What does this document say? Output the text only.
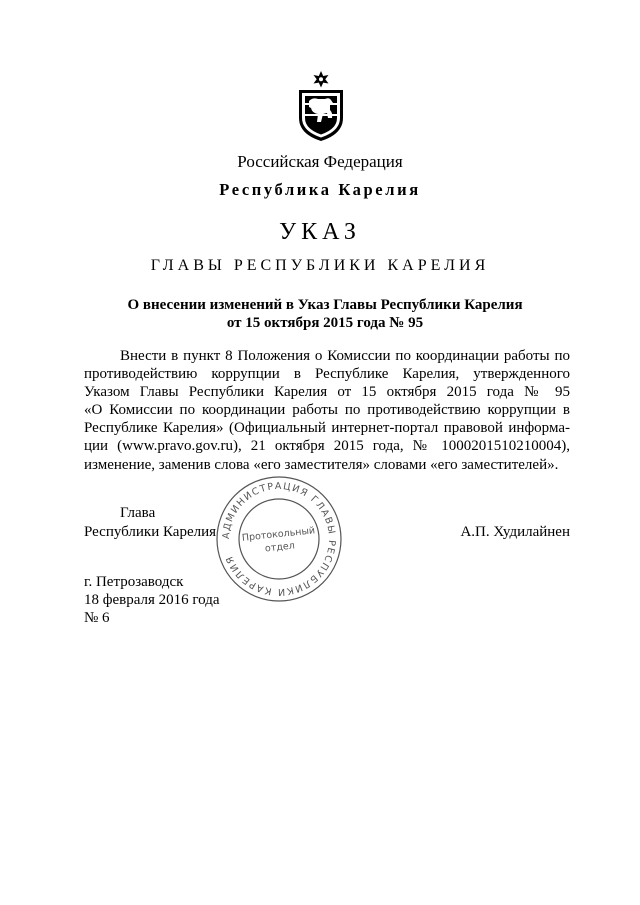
Российская Федерация
Республика Карелия
УКАЗ
ГЛАВЫ РЕСПУБЛИКИ КАРЕЛИЯ
О внесении изменений в Указ Главы Республики Карелия
от 15 октября 2015 года № 95
Внести в пункт 8 Положения о Комиссии по координации работы по
противодействию коррупции в Республике Карелия, утвержденного
Указом Главы Республики Карелия от 15 октября 2015 года № 95
«О Комиссии по координации работы по противодействию коррупции в
Республике Карелия» (Официальный интернет-портал правовой информа-
ции (www.pravo.gov.ru), 21 октября 2015 года, № 1000201510210004),
изменение, заменив слова «его заместителя» словами «его заместителей».
АДМИНИСТРАЦИЯ ГЛАВЫ РЕСПУБЛИКИ КАРЕЛИЯ
Протокольный
отдел
Глава
Республики Карелия	А.П. Худилайнен
г. Петрозаводск
18 февраля 2016 года
№ 6
